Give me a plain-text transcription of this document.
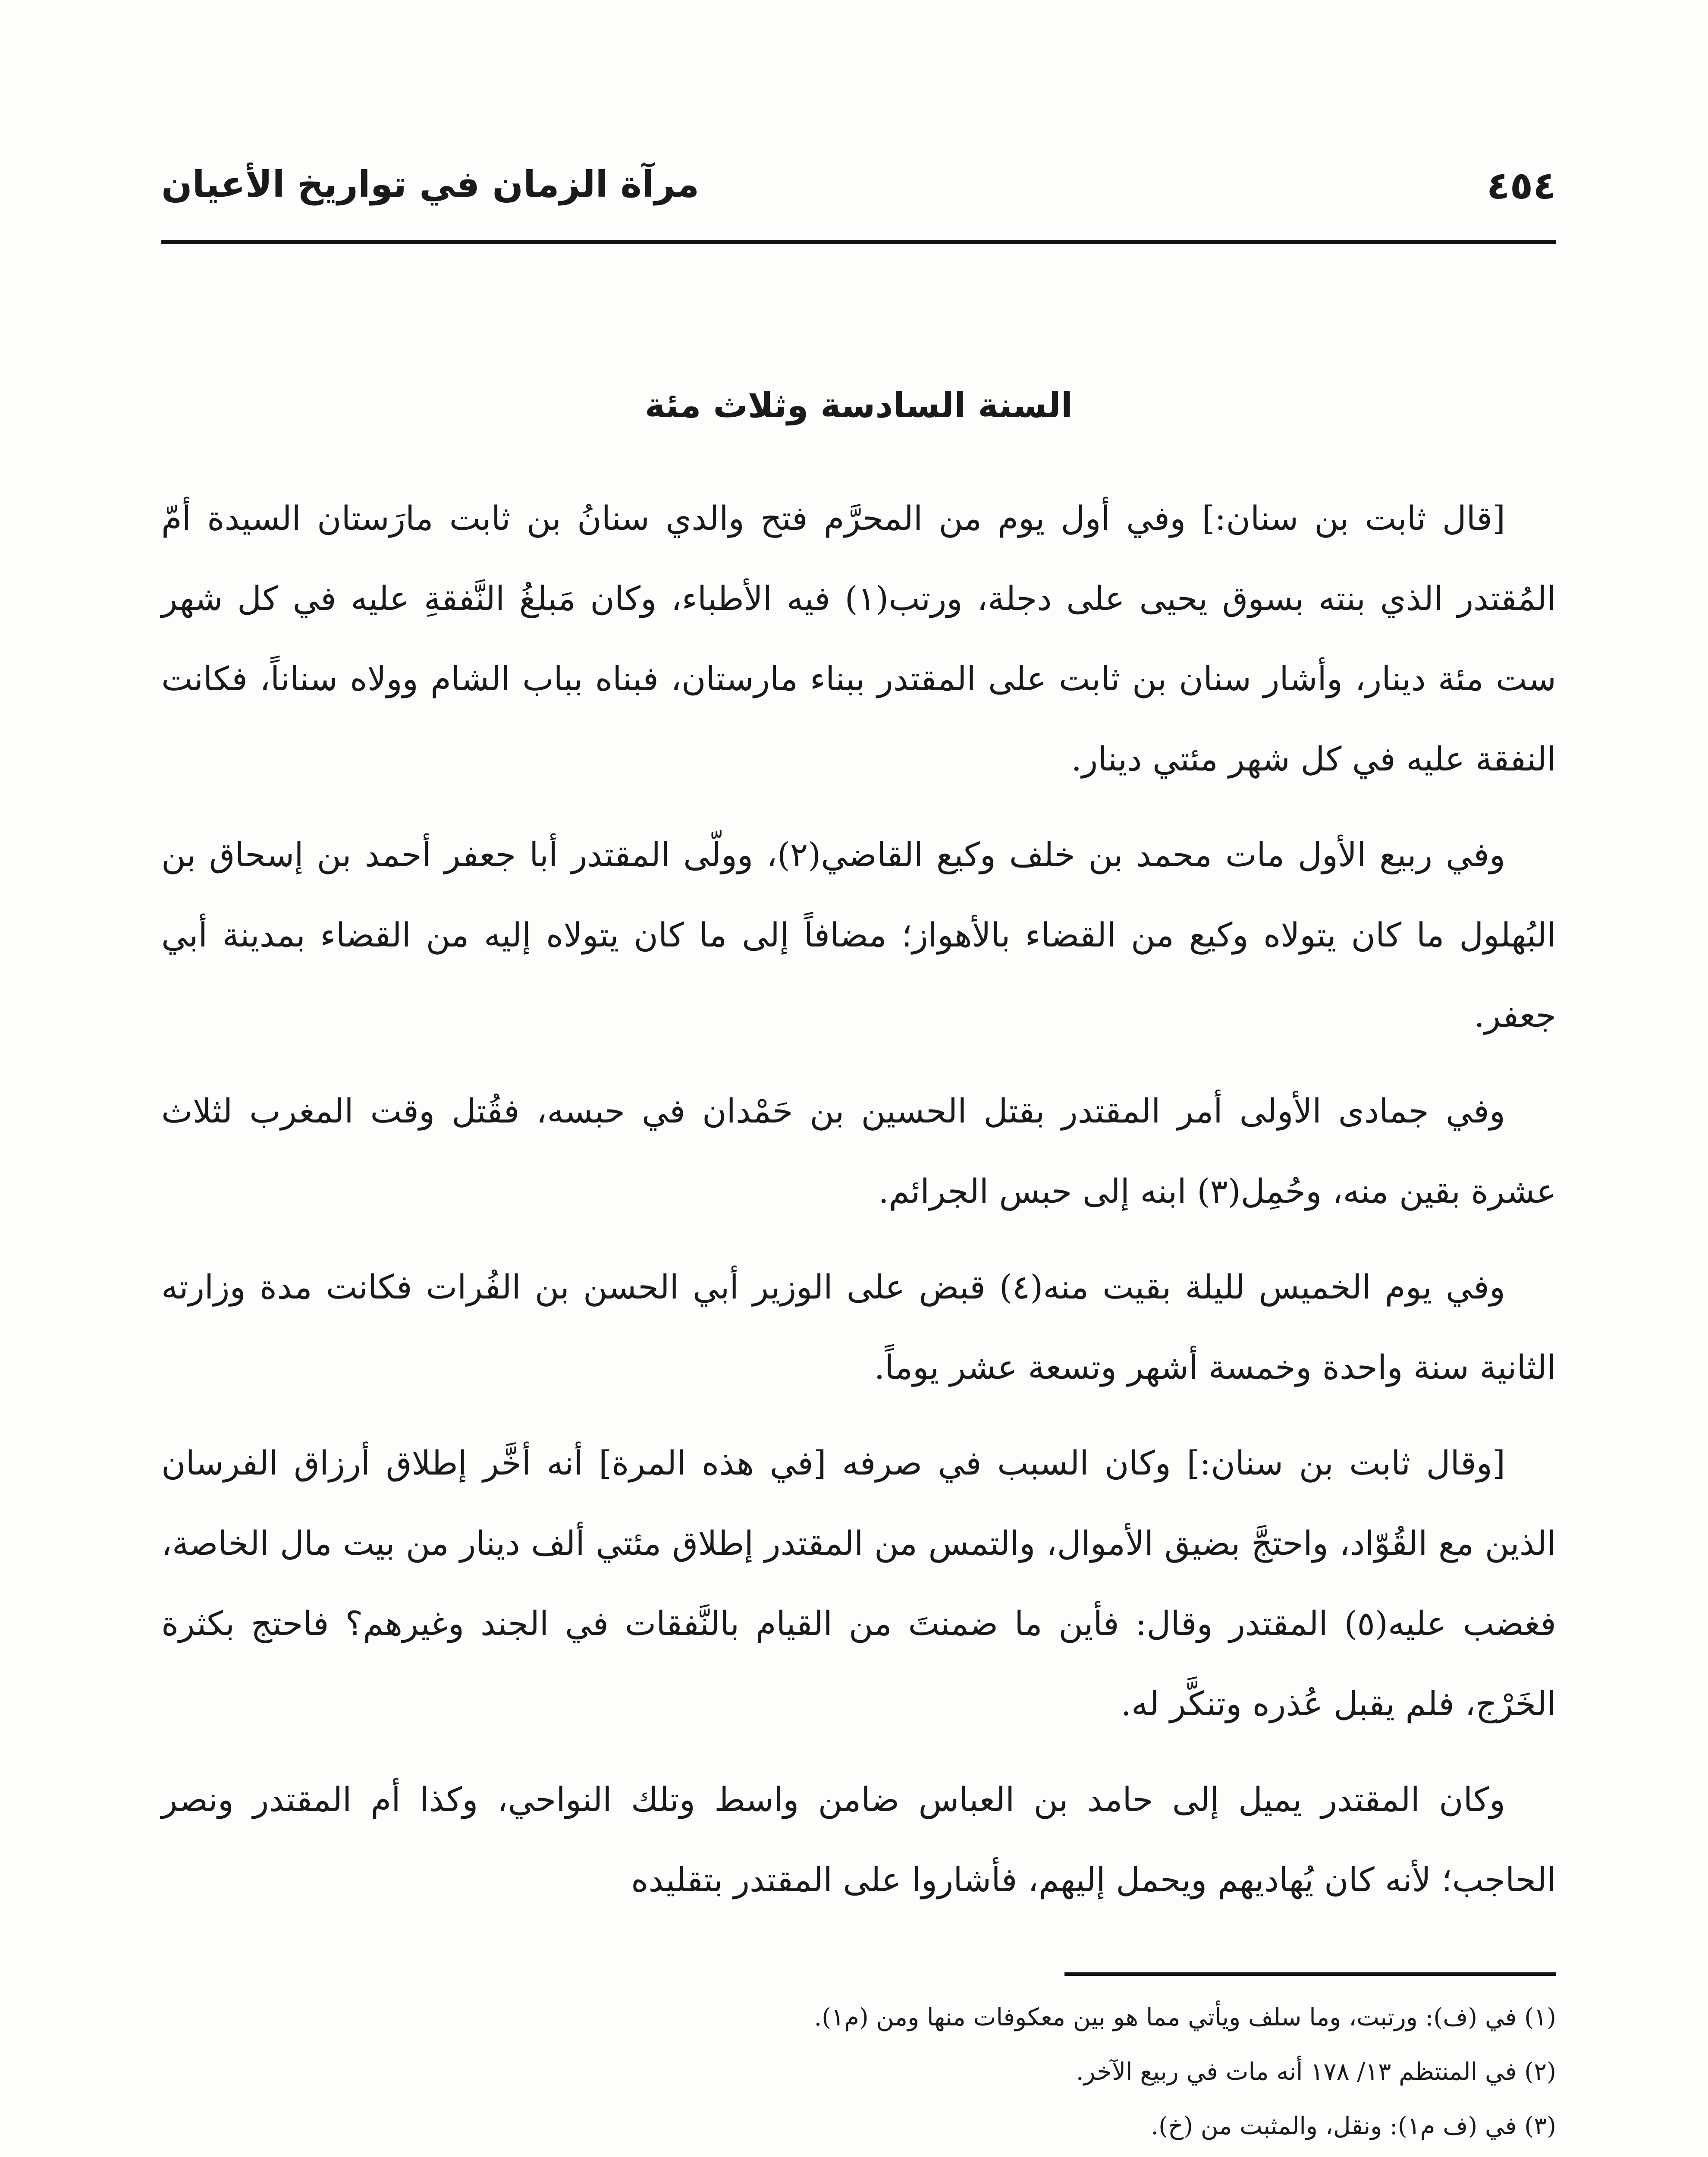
٤٥٤
مرآة الزمان في تواريخ الأعيان
السنة السادسة وثلاث مئة

[قال ثابت بن سنان:] وفي أول يوم من المحرَّم فتح والدي سنانُ بن ثابت مارَستان السيدة أمّ المُقتدر الذي بنته بسوق يحيى على دجلة، ورتب(١) فيه الأطباء، وكان مَبلغُ النَّفقةِ عليه في كل شهر ست مئة دينار، وأشار سنان بن ثابت على المقتدر ببناء مارستان، فبناه بباب الشام وولاه سناناً، فكانت النفقة عليه في كل شهر مئتي دينار.

وفي ربيع الأول مات محمد بن خلف وكيع القاضي(٢)، وولّى المقتدر أبا جعفر أحمد بن إسحاق بن البُهلول ما كان يتولاه وكيع من القضاء بالأهواز؛ مضافاً إلى ما كان يتولاه إليه من القضاء بمدينة أبي جعفر.

وفي جمادى الأولى أمر المقتدر بقتل الحسين بن حَمْدان في حبسه، فقُتل وقت المغرب لثلاث عشرة بقين منه، وحُمِل(٣) ابنه إلى حبس الجرائم.

وفي يوم الخميس لليلة بقيت منه(٤) قبض على الوزير أبي الحسن بن الفُرات فكانت مدة وزارته الثانية سنة واحدة وخمسة أشهر وتسعة عشر يوماً.

[وقال ثابت بن سنان:] وكان السبب في صرفه [في هذه المرة] أنه أخَّر إطلاق أرزاق الفرسان الذين مع القُوّاد، واحتجَّ بضيق الأموال، والتمس من المقتدر إطلاق مئتي ألف دينار من بيت مال الخاصة، فغضب عليه(٥) المقتدر وقال: فأين ما ضمنتَ من القيام بالنَّفقات في الجند وغيرهم؟ فاحتج بكثرة الخَرْج، فلم يقبل عُذره وتنكَّر له.

وكان المقتدر يميل إلى حامد بن العباس ضامن واسط وتلك النواحي، وكذا أم المقتدر ونصر الحاجب؛ لأنه كان يُهاديهم ويحمل إليهم، فأشاروا على المقتدر بتقليده

(١) في (ف): ورتبت، وما سلف ويأتي مما هو بين معكوفات منها ومن (م١).

(٢) في المنتظم ١٣/ ١٧٨ أنه مات في ربيع الآخر.

(٣) في (ف م١): ونقل، والمثبت من (خ).
